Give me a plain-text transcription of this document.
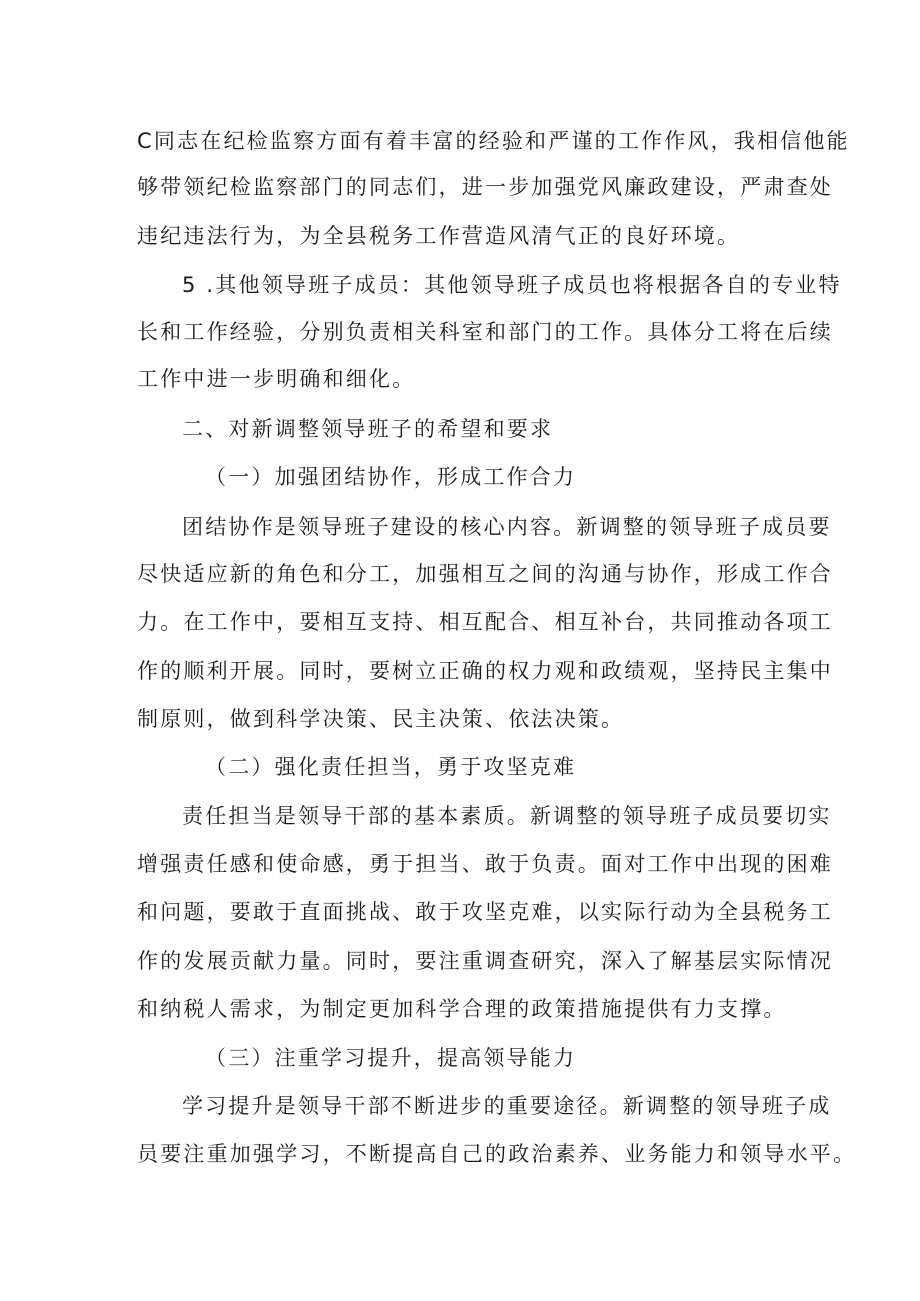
C同志在纪检监察方面有着丰富的经验和严谨的工作作风，我相信他能
够带领纪检监察部门的同志们，进一步加强党风廉政建设，严肃查处
违纪违法行为，为全县税务工作营造风清气正的良好环境。
5 .其他领导班子成员：其他领导班子成员也将根据各自的专业特
长和工作经验，分别负责相关科室和部门的工作。具体分工将在后续
工作中进一步明确和细化。
二、对新调整领导班子的希望和要求
（一）加强团结协作，形成工作合力
团结协作是领导班子建设的核心内容。新调整的领导班子成员要
尽快适应新的角色和分工，加强相互之间的沟通与协作，形成工作合
力。在工作中，要相互支持、相互配合、相互补台，共同推动各项工
作的顺利开展。同时，要树立正确的权力观和政绩观，坚持民主集中
制原则，做到科学决策、民主决策、依法决策。
（二）强化责任担当，勇于攻坚克难
责任担当是领导干部的基本素质。新调整的领导班子成员要切实
增强责任感和使命感，勇于担当、敢于负责。面对工作中出现的困难
和问题，要敢于直面挑战、敢于攻坚克难，以实际行动为全县税务工
作的发展贡献力量。同时，要注重调查研究，深入了解基层实际情况
和纳税人需求，为制定更加科学合理的政策措施提供有力支撑。
（三）注重学习提升，提高领导能力
学习提升是领导干部不断进步的重要途径。新调整的领导班子成
员要注重加强学习，不断提高自己的政治素养、业务能力和领导水平。
